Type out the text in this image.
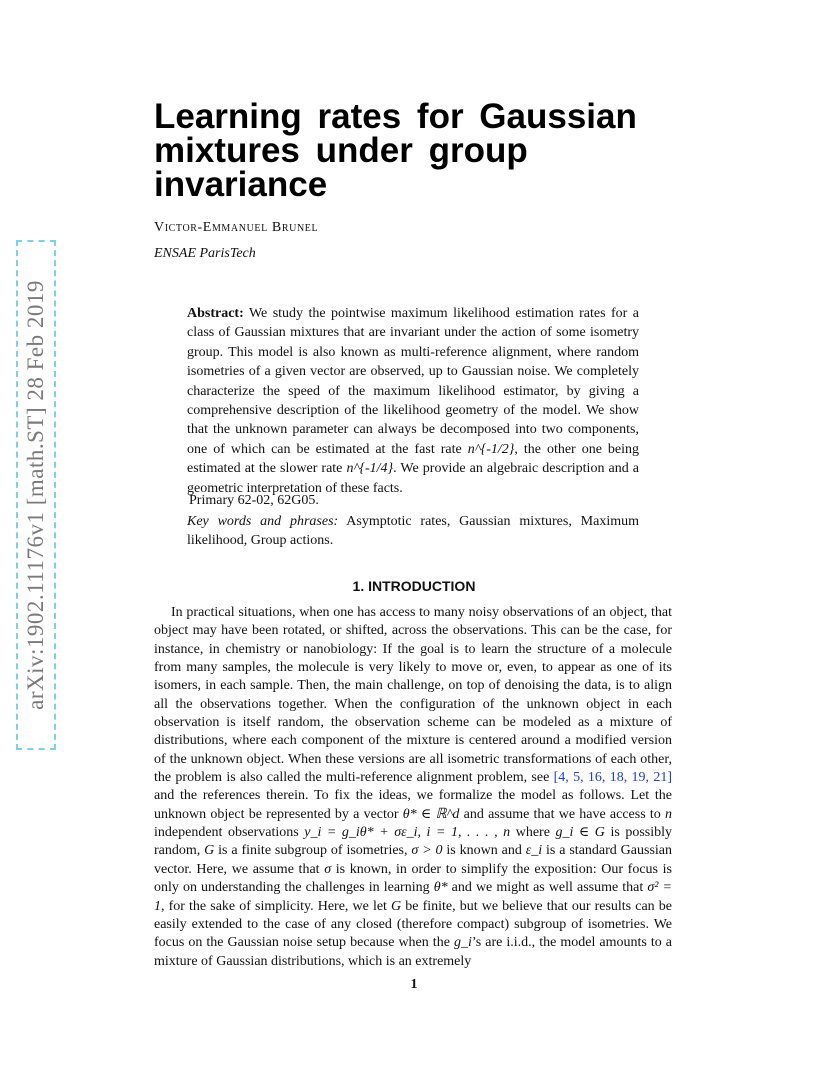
arXiv:1902.11176v1 [math.ST] 28 Feb 2019
Learning rates for Gaussian mixtures under group invariance
Victor-Emmanuel Brunel
ENSAE ParisTech

Abstract: We study the pointwise maximum likelihood estimation rates for a class of Gaussian mixtures that are invariant under the action of some isometry group. This model is also known as multi-reference alignment, where random isometries of a given vector are observed, up to Gaussian noise. We completely characterize the speed of the maximum likelihood estimator, by giving a comprehensive description of the likelihood geometry of the model. We show that the unknown parameter can always be decomposed into two components, one of which can be estimated at the fast rate n^{-1/2}, the other one being estimated at the slower rate n^{-1/4}. We provide an algebraic description and a geometric interpretation of these facts.

Primary 62-02, 62G05.

Key words and phrases: Asymptotic rates, Gaussian mixtures, Maximum likelihood, Group actions.

1. INTRODUCTION

In practical situations, when one has access to many noisy observations of an object, that object may have been rotated, or shifted, across the observations. This can be the case, for instance, in chemistry or nanobiology: If the goal is to learn the structure of a molecule from many samples, the molecule is very likely to move or, even, to appear as one of its isomers, in each sample. Then, the main challenge, on top of denoising the data, is to align all the observations together. When the configuration of the unknown object in each observation is itself random, the observation scheme can be modeled as a mixture of distributions, where each component of the mixture is centered around a modified version of the unknown object. When these versions are all isometric transformations of each other, the problem is also called the multi-reference alignment problem, see [4, 5, 16, 18, 19, 21] and the references therein. To fix the ideas, we formalize the model as follows. Let the unknown object be represented by a vector θ* ∈ ℝ^d and assume that we have access to n independent observations y_i = g_iθ* + σε_i, i = 1, . . . , n where g_i ∈ G is possibly random, G is a finite subgroup of isometries, σ > 0 is known and ε_i is a standard Gaussian vector. Here, we assume that σ is known, in order to simplify the exposition: Our focus is only on understanding the challenges in learning θ* and we might as well assume that σ² = 1, for the sake of simplicity. Here, we let G be finite, but we believe that our results can be easily extended to the case of any closed (therefore compact) subgroup of isometries. We focus on the Gaussian noise setup because when the g_i’s are i.i.d., the model amounts to a mixture of Gaussian distributions, which is an extremely

1
